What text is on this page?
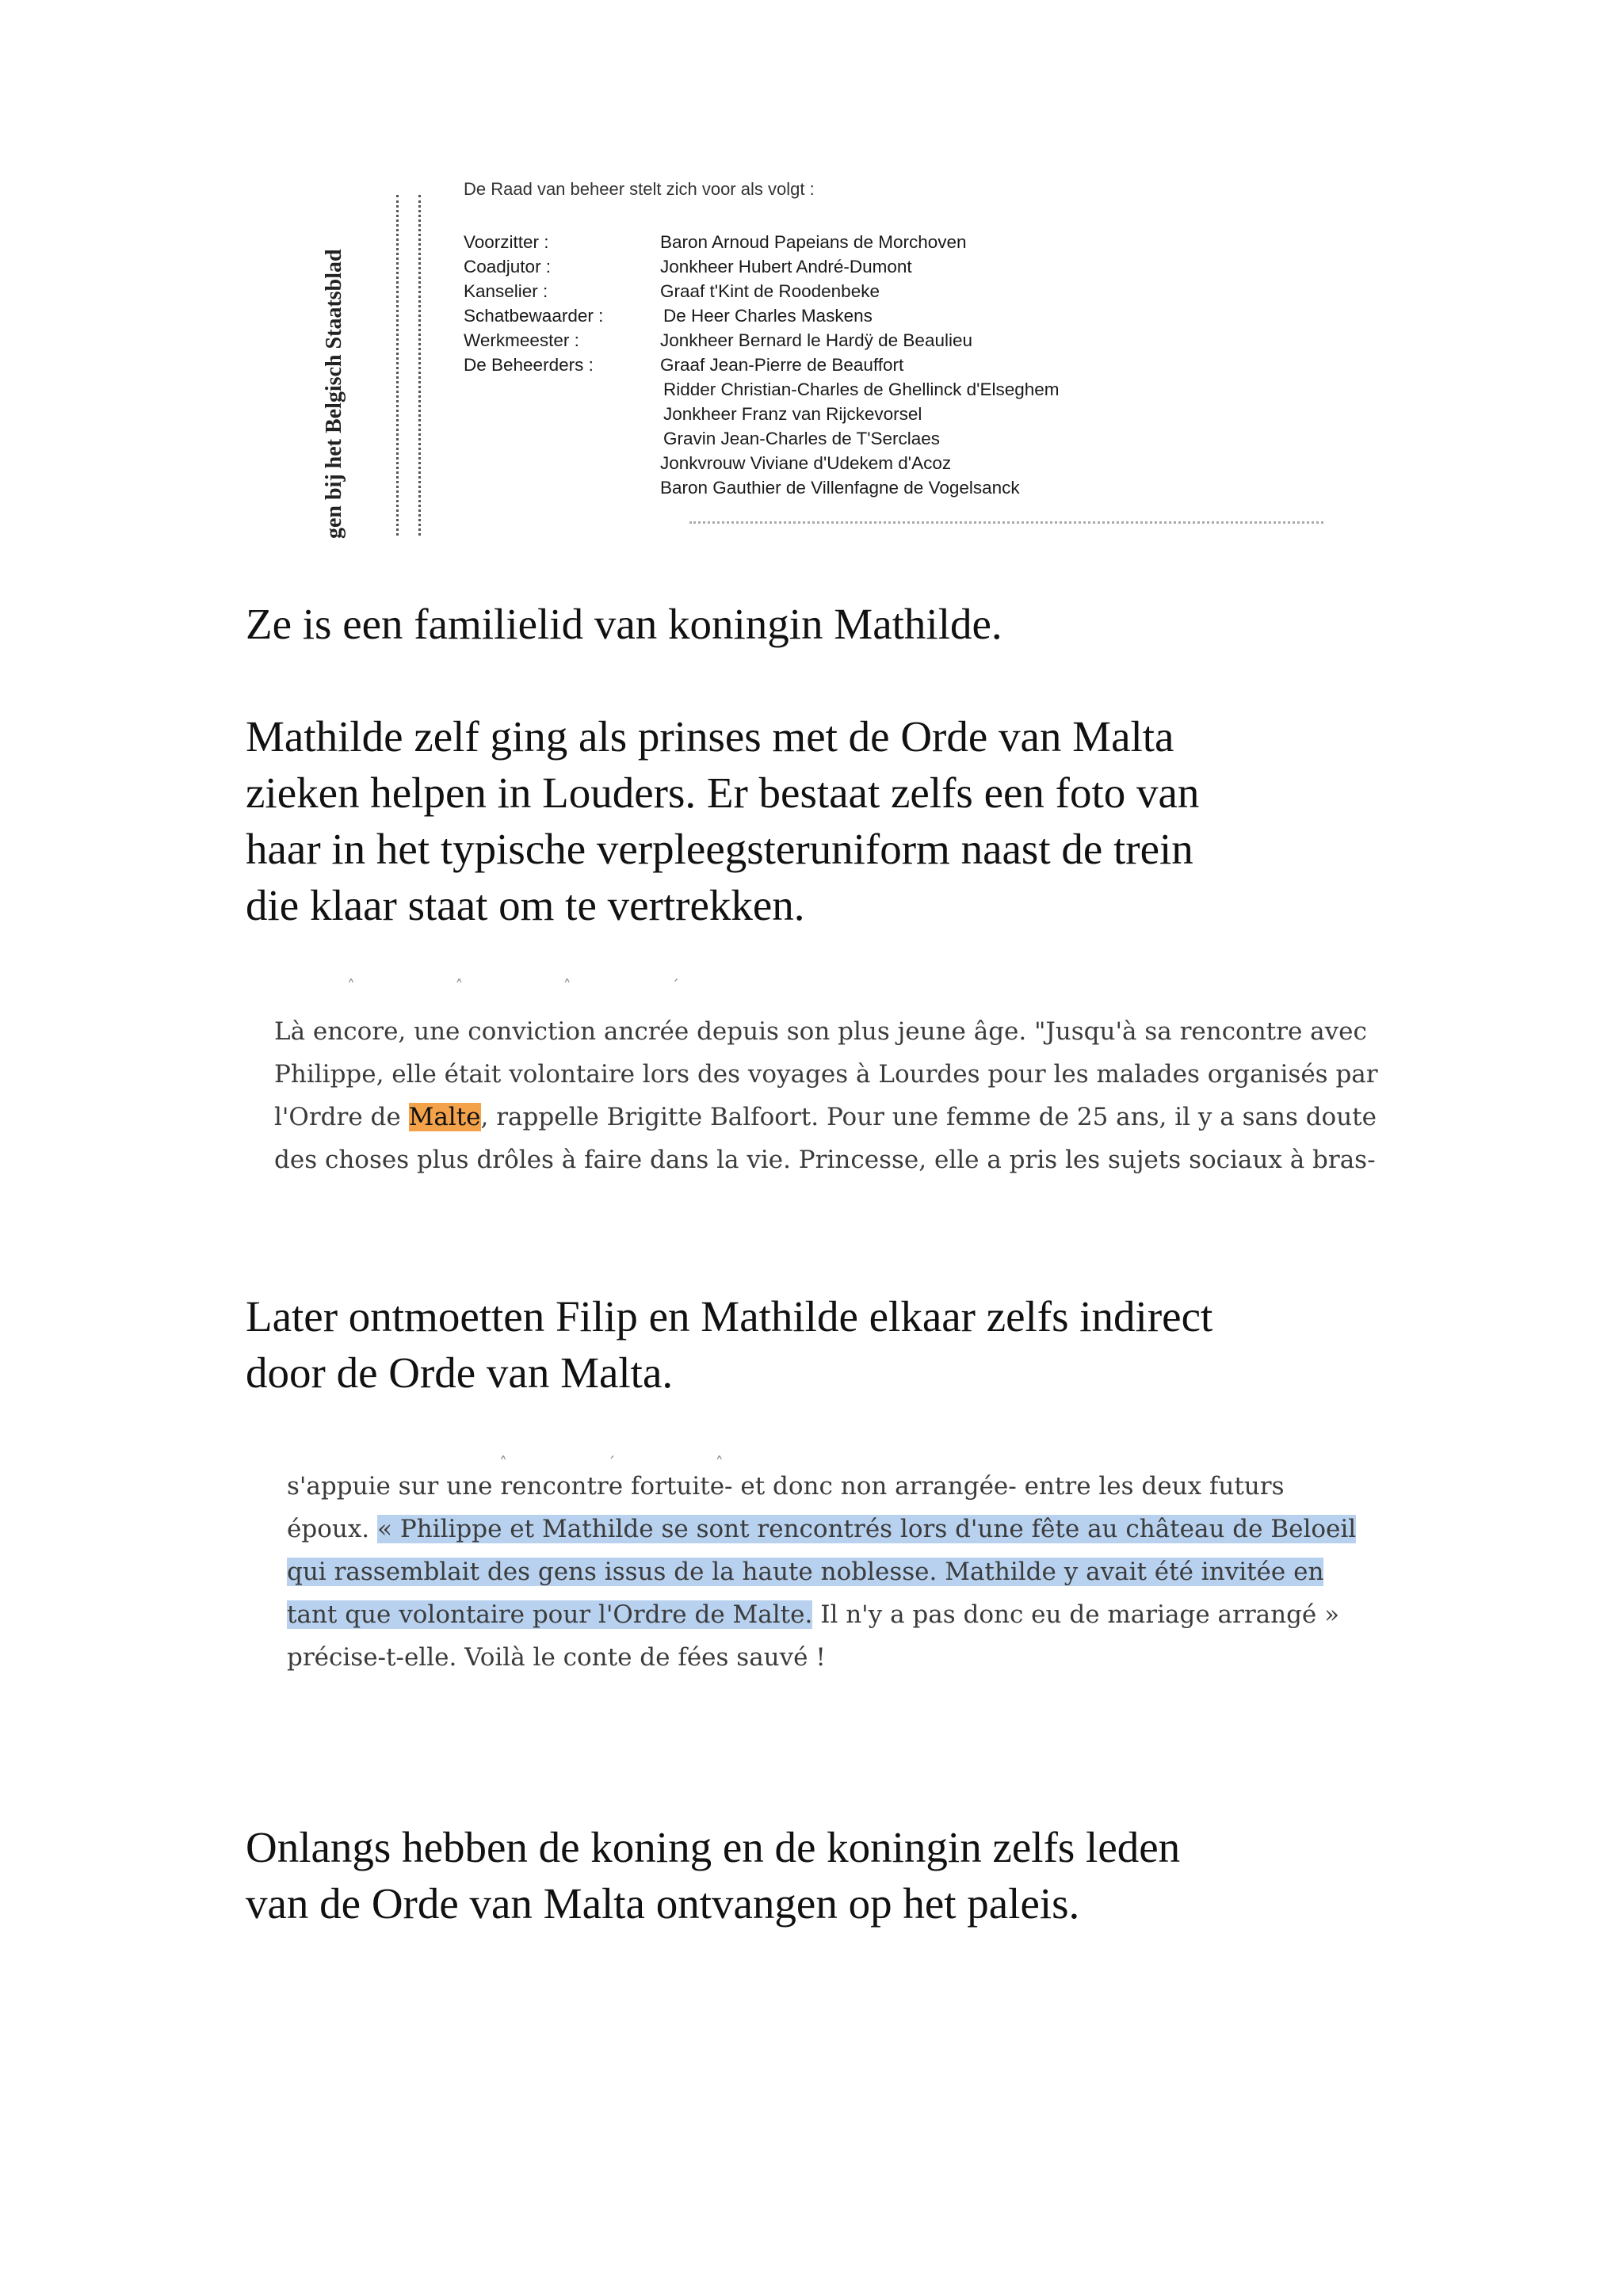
gen bij het Belgisch Staatsblad
De Raad van beheer stelt zich voor als volgt :
Voorzitter :
Coadjutor :
Kanselier :
Schatbewaarder :
Werkmeester :
De Beheerders :
Baron Arnoud Papeians de Morchoven
Jonkheer Hubert André-Dumont
Graaf t'Kint de Roodenbeke
De Heer Charles Maskens
Jonkheer Bernard le Hardÿ de Beaulieu
Graaf Jean-Pierre de Beauffort
Ridder Christian-Charles de Ghellinck d'Elseghem
Jonkheer Franz van Rijckevorsel
Gravin Jean-Charles de T'Serclaes
Jonkvrouw Viviane d'Udekem d'Acoz
Baron Gauthier de Villenfagne de Vogelsanck

Ze is een familielid van koningin Mathilde.

Mathilde zelf ging als prinses met de Orde van Malta
zieken helpen in Louders. Er bestaat zelfs een foto van
haar in het typische verpleegsteruniform naast de trein
die klaar staat om te vertrekken.
˄ ˄ ˄ ´
Là encore, une conviction ancrée depuis son plus jeune âge. "Jusqu'à sa rencontre avec
Philippe, elle était volontaire lors des voyages à Lourdes pour les malades organisés par
l'Ordre de Malte, rappelle Brigitte Balfoort. Pour une femme de 25 ans, il y a sans doute
des choses plus drôles à faire dans la vie. Princesse, elle a pris les sujets sociaux à bras-
Later ontmoetten Filip en Mathilde elkaar zelfs indirect
door de Orde van Malta.
˄ ´ ˄
s'appuie sur une rencontre fortuite- et donc non arrangée- entre les deux futurs
époux. « Philippe et Mathilde se sont rencontrés lors d'une fête au château de Beloeil
qui rassemblait des gens issus de la haute noblesse. Mathilde y avait été invitée en
tant que volontaire pour l'Ordre de Malte. Il n'y a pas donc eu de mariage arrangé »
précise-t-elle. Voilà le conte de fées sauvé !
Onlangs hebben de koning en de koningin zelfs leden
van de Orde van Malta ontvangen op het paleis.
